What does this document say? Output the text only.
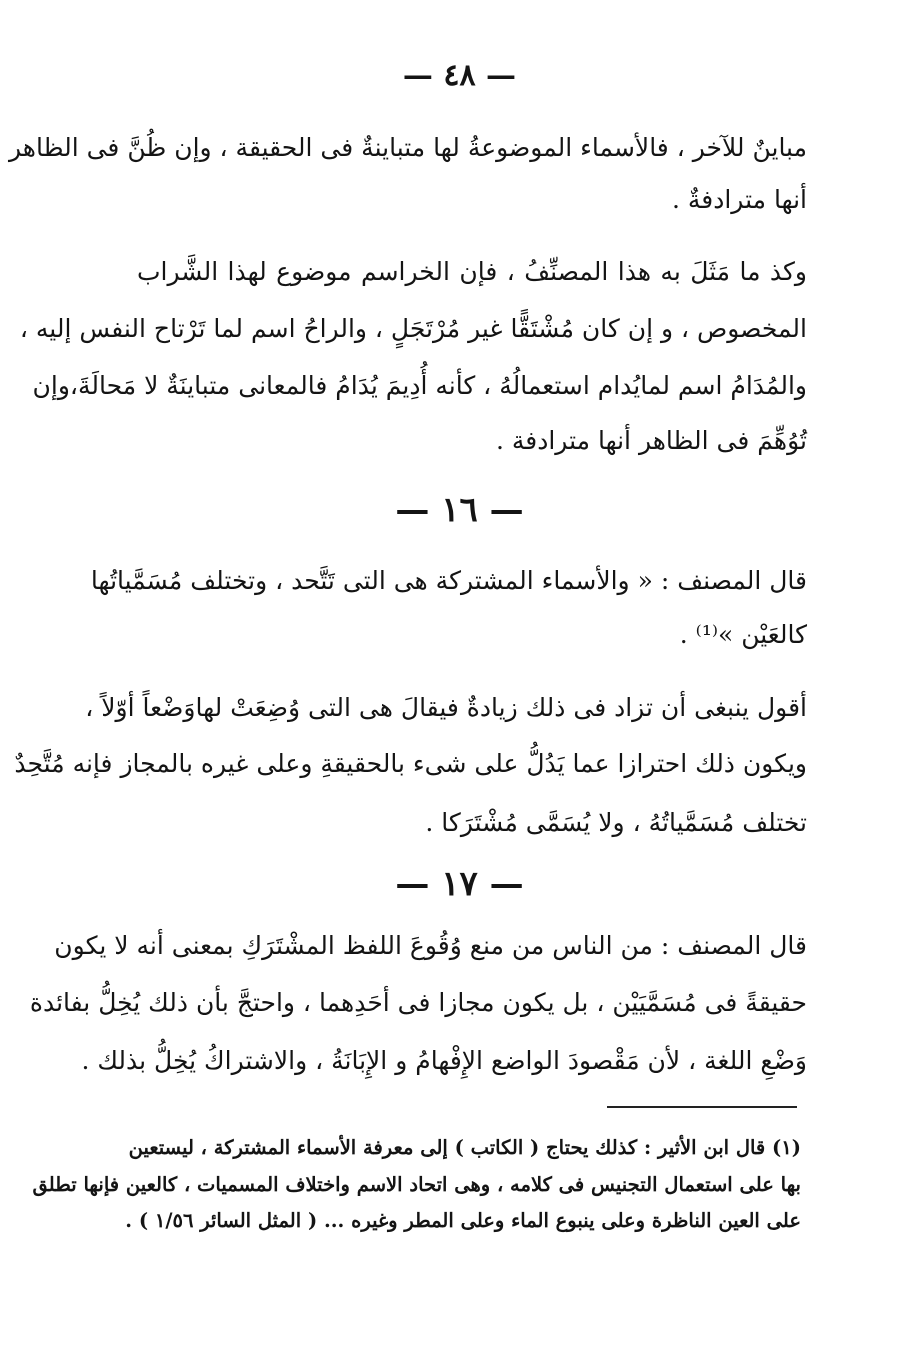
— ٤٨ —
مباينٌ للآخر ، فالأسماء الموضوعةُ لها متباينةٌ فى الحقيقة ، وإن ظُنَّ فى الظاهر
أنها مترادفةٌ .
وكذ ما مَثَلَ به هذا المصنِّفُ ، فإن الخراسم موضوع لهذا الشَّراب
المخصوص ، و إن كان مُشْتَقًّا غير مُرْتَجَلٍ ، والراحُ اسم لما تَرْتاح النفس إليه ،
والمُدَامُ اسم لمايُدام استعمالُهُ ، كأنه أُدِيمَ يُدَامُ فالمعانى متباينَةٌ لا مَحالَةَ،وإن
تُوُهِّمَ فى الظاهر أنها مترادفة .
— ١٦ —
قال المصنف : « والأسماء المشتركة هى التى تَتَّحد ، وتختلف مُسَمَّياتُها
كالعَيْن »⁽¹⁾ .
أقول ينبغى أن تزاد فى ذلك زيادةٌ فيقالَ هى التى وُضِعَتْ لهاوَضْعاً أوّلاً ،
ويكون ذلك احترازا عما يَدُلُّ على شىء بالحقيقةِ وعلى غيره بالمجاز فإنه مُتَّحِدٌ
تختلف مُسَمَّياتُهُ ، ولا يُسَمَّى مُشْتَرَكا .
— ١٧ —
قال المصنف : من الناس من منع وُقُوعَ اللفظ المشْتَرَكِ بمعنى أنه لا يكون
حقيقةً فى مُسَمَّيَيْن ، بل يكون مجازا فى أحَدِهما ، واحتجَّ بأن ذلك يُخِلُّ بفائدة
وَضْعِ اللغة ، لأن مَقْصودَ الواضع الإِفْهامُ و الإِبَانَةُ ، والاشتراكُ يُخِلُّ بذلك .
(١) قال ابن الأثير : كذلك يحتاج ( الكاتب ) إلى معرفة الأسماء المشتركة ، ليستعين
بها على استعمال التجنيس فى كلامه ، وهى اتحاد الاسم واختلاف المسميات ، كالعين فإنها تطلق
على العين الناظرة وعلى ينبوع الماء وعلى المطر وغيره ... ( المثل السائر ١/٥٦ ) .
